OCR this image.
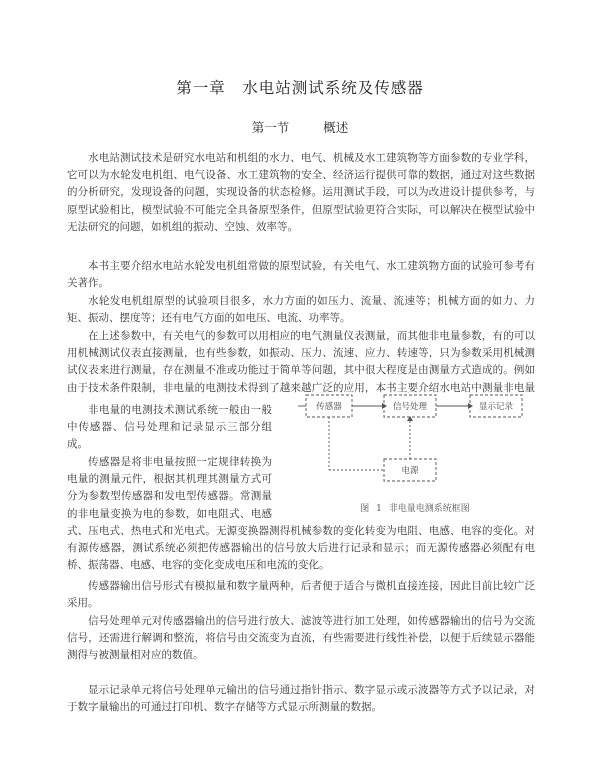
第一章　水电站测试系统及传感器
第一节 概述

水电站测试技术是研究水电站和机组的水力、电气、机械及水工建筑物等方面参数的专业学科，它可以为水轮发电机组、电气设备、水工建筑物的安全、经济运行提供可靠的数据，通过对这些数据的分析研究，发现设备的问题，实现设备的状态检修。运用测试手段，可以为改进设计提供参考，与原型试验相比，模型试验不可能完全具备原型条件，但原型试验更符合实际，可以解决在模型试验中无法研究的问题，如机组的振动、空蚀、效率等。

本书主要介绍水电站水轮发电机组常做的原型试验，有关电气、水工建筑物方面的试验可参考有关著作。

水轮发电机组原型的试验项目很多，水力方面的如压力、流量、流速等；机械方面的如力、力矩、振动、摆度等；还有电气方面的如电压、电流、功率等。

在上述参数中，有关电气的参数可以用相应的电气测量仪表测量，而其他非电量参数，有的可以用机械测试仪表直接测量，也有些参数，如振动、压力、流速、应力、转速等，只为参数采用机械测试仪表来进行测量，存在测量不准或功能过于简单等问题，其中很大程度是由测量方式造成的。例如由于技术条件限制，非电量的电测技术得到了越来越广泛的应用，本书主要介绍水电站中测量非电量

非电量的电测技术测试系统一般由一般中传感器、信号处理和记录显示三部分组成。

传感器是将非电量按照一定规律转换为电量的测量元件，根据其机理其测量方式可分为参数型传感器和发电型传感器。常测量的非电量变换为电的参数，如电阻式、电感

式、压电式、热电式和光电式。无源变换器测得机械参数的变化转变为电阻、电感、电容的变化。对有源传感器，测试系统必须把传感器输出的信号放大后进行记录和显示；而无源传感器必须配有电桥、振荡器、电感、电容的变化变成电压和电流的变化。

传感器输出信号形式有模拟量和数字量两种，后者便于适合与微机直接连接，因此目前比较广泛采用。

信号处理单元对传感器输出的信号进行放大、滤波等进行加工处理，如传感器输出的信号为交流信号，还需进行解调和整流，将信号由交流变为直流，有些需要进行线性补偿，以便于后续显示器能测得与被测量相对应的数值。

显示记录单元将信号处理单元输出的信号通过指针指示、数字显示或示波器等方式予以记录，对于数字量输出的可通过打印机、数字存储等方式显示所测量的数据。

传感器	信号处理	显示记录
电源
图 1 非电量电测系统框图
